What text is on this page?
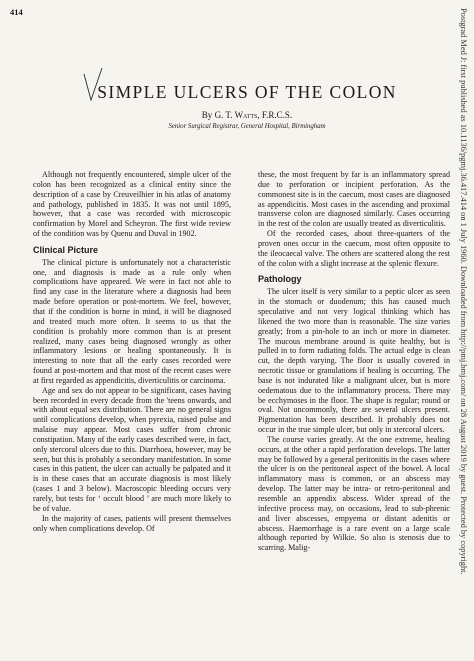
414
SIMPLE ULCERS OF THE COLON
By G. T. Watts, F.R.C.S.
Senior Surgical Registrar, General Hospital, Birmingham

Although not frequently encountered, simple ulcer of the colon has been recognized as a clinical entity since the description of a case by Creuveilhier in his atlas of anatomy and pathology, published in 1835. It was not until 1895, however, that a case was recorded with microscopic confirmation by Morel and Scheyron. The first wide review of the condition was by Quenu and Duval in 1902.

Clinical Picture

The clinical picture is unfortunately not a characteristic one, and diagnosis is made as a rule only when complications have appeared. We were in fact not able to find any case in the literature where a diagnosis had been made before operation or post-mortem. We feel, however, that if the condition is borne in mind, it will be diagnosed and treated much more often. It seems to us that the condition is probably more common than is at present realized, many cases being diagnosed wrongly as other inflammatory lesions or healing spontaneously. It is interesting to note that all the early cases recorded were found at post-mortem and that most of the recent cases were at first regarded as appendicitis, diverticulitis or carcinoma.

Age and sex do not appear to be significant, cases having been recorded in every decade from the 'teens onwards, and with about equal sex distribution. There are no general signs until complications develop, when pyrexia, raised pulse and malaise may appear. Most cases suffer from chronic constipation. Many of the early cases described were, in fact, only stercoral ulcers due to this. Diarrhoea, however, may be seen, but this is probably a secondary manifestation. In some cases in this patient, the ulcer can actually be palpated and it is in these cases that an accurate diagnosis is most likely (cases 1 and 3 below). Macroscopic bleeding occurs very rarely, but tests for ‘ occult blood ’ are much more likely to be of value.

In the majority of cases, patients will present themselves only when complications develop. Of

these, the most frequent by far is an inflammatory spread due to perforation or incipient perforation. As the commonest site is in the caecum, most cases are diagnosed as appendicitis. Most cases in the ascending and proximal transverse colon are diagnosed similarly. Cases occurring in the rest of the colon are usually treated as diverticulitis.

Of the recorded cases, about three-quarters of the proven ones occur in the caecum, most often opposite to the ileocaecal valve. The others are scattered along the rest of the colon with a slight increase at the splenic flexure.

Pathology

The ulcer itself is very similar to a peptic ulcer as seen in the stomach or duodenum; this has caused much speculative and not very logical thinking which has likened the two more than is reasonable. The size varies greatly; from a pin-hole to an inch or more in diameter. The mucous membrane around is quite healthy, but is pulled in to form radiating folds. The actual edge is clean cut, the depth varying. The floor is usually covered in necrotic tissue or granulations if healing is occurring. The base is not indurated like a malignant ulcer, but is more oedematous due to the inflammatory process. There may be ecchymoses in the floor. The shape is regular; round or oval. Not uncommonly, there are several ulcers present. Pigmentation has been described. It probably does not occur in the true simple ulcer, but only in stercoral ulcers.

The course varies greatly. At the one extreme, healing occurs, at the other a rapid perforation develops. The latter may be followed by a general peritonitis in the cases where the ulcer is on the peritoneal aspect of the bowel. A local inflammatory mass is common, or an abscess may develop. The latter may be intra- or retro-peritoneal and resemble an appendix abscess. Wider spread of the infective process may, on occasions, lead to sub-phrenic and liver abscesses, empyema or distant adenitis or abscess. Haemorrhage is a rare event on a large scale although reported by Wilkie. So also is stenosis due to scarring. Malig-	Postgrad Med J: first published as 10.1136/pgmj.36.417.414 on 1 July 1960. Downloaded from http://pmj.bmj.com/ on 28 August 2019 by guest. Protected by copyright.
